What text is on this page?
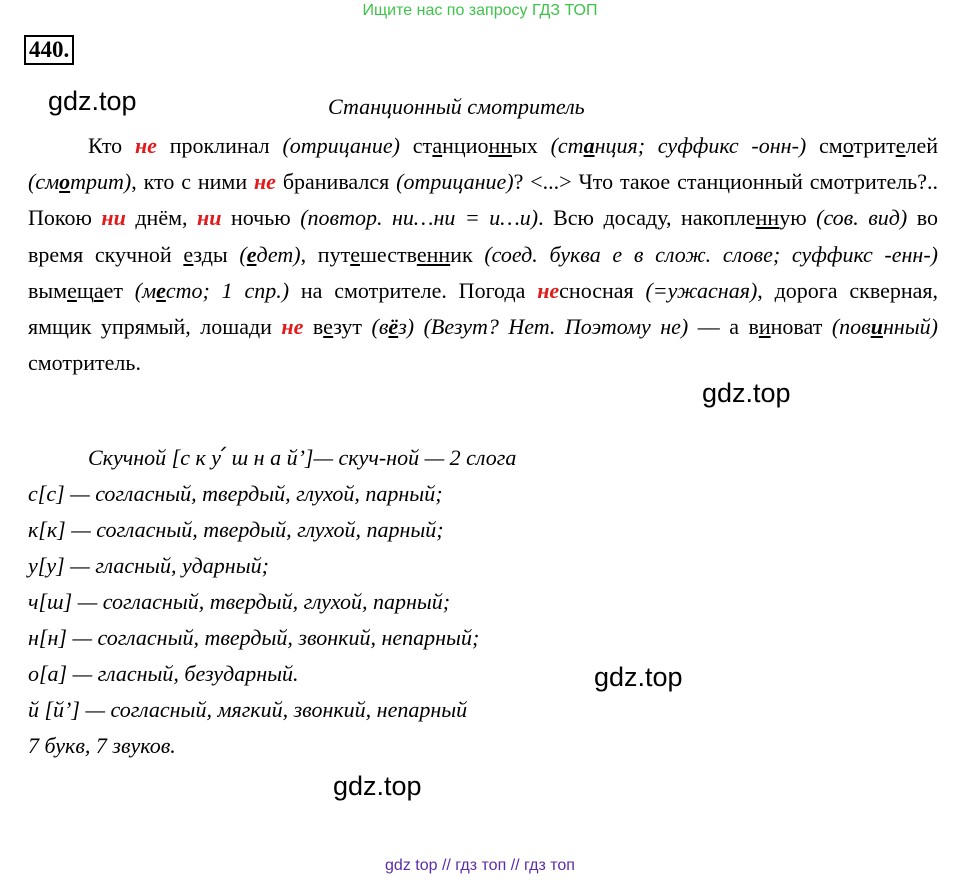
Ищите нас по запросу ГДЗ ТОП
440.
gdz.top
gdz.top
gdz.top
gdz.top
Станционный смотритель
Кто не проклинал (отрицание) станционных (станция; суффикс -онн-) смотрителей (смотрит), кто с ними не бранивался (отрицание)? <...> Что такое станционный смотритель?.. Покою ни днём, ни ночью (повтор. ни…ни = и…и). Всю досаду, накопленную (сов. вид) во время скучной езды (едет), путешественник (соед. буква е в слож. слове; суффикс -енн-) вымещает (место; 1 спр.) на смотрителе. Погода несносная (=ужасная), дорога скверная, ямщик упрямый, лошади не везут (вёз) (Везут? Нет. Поэтому не) — а виноват (повинный) смотритель.
Скучной [с к у՛ ш н а й’]— скуч-ной — 2 слога
с[с] — согласный, твердый, глухой, парный;
к[к] — согласный, твердый, глухой, парный;
у[у] — гласный, ударный;
ч[ш] — согласный, твердый, глухой, парный;
н[н] — согласный, твердый, звонкий, непарный;
о[а] — гласный, безударный.
й [й’] — согласный, мягкий, звонкий, непарный
7 букв, 7 звуков.
gdz top // гдз топ // гдз топ
